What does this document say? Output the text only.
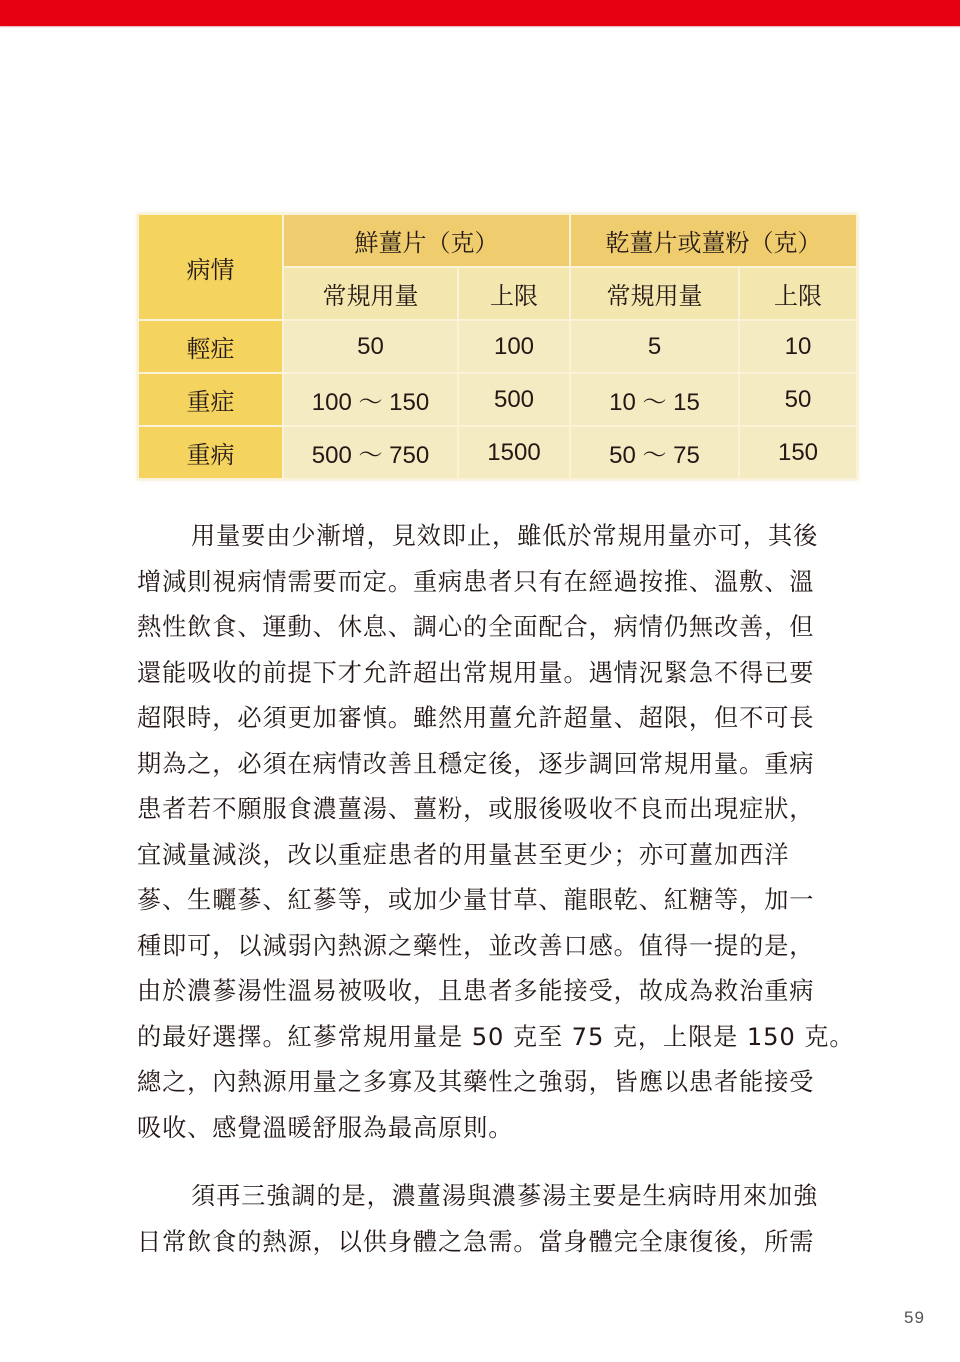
病情	鮮薑片（克）		乾薑片或薑粉（克）	
	常規用量	上限	常規用量	上限
輕症	50	100	5	10
重症	100 ～ 150	500	10 ～ 15	50
重病	500 ～ 750	1500	50 ～ 75	150

用量要由少漸增，見效即止，雖低於常規用量亦可，其後
增減則視病情需要而定。重病患者只有在經過按推、溫敷、溫
熱性飲食、運動、休息、調心的全面配合，病情仍無改善，但
還能吸收的前提下才允許超出常規用量。遇情況緊急不得已要
超限時，必須更加審慎。雖然用薑允許超量、超限，但不可長
期為之，必須在病情改善且穩定後，逐步調回常規用量。重病
患者若不願服食濃薑湯、薑粉，或服後吸收不良而出現症狀，
宜減量減淡，改以重症患者的用量甚至更少；亦可薑加西洋
蔘、生曬蔘、紅蔘等，或加少量甘草、龍眼乾、紅糖等，加一
種即可，以減弱內熱源之藥性，並改善口感。值得一提的是，
由於濃蔘湯性溫易被吸收，且患者多能接受，故成為救治重病
的最好選擇。紅蔘常規用量是 50 克至 75 克，上限是 150 克。
總之，內熱源用量之多寡及其藥性之強弱，皆應以患者能接受
吸收、感覺溫暖舒服為最高原則。

須再三強調的是，濃薑湯與濃蔘湯主要是生病時用來加強
日常飲食的熱源，以供身體之急需。當身體完全康復後，所需

59
